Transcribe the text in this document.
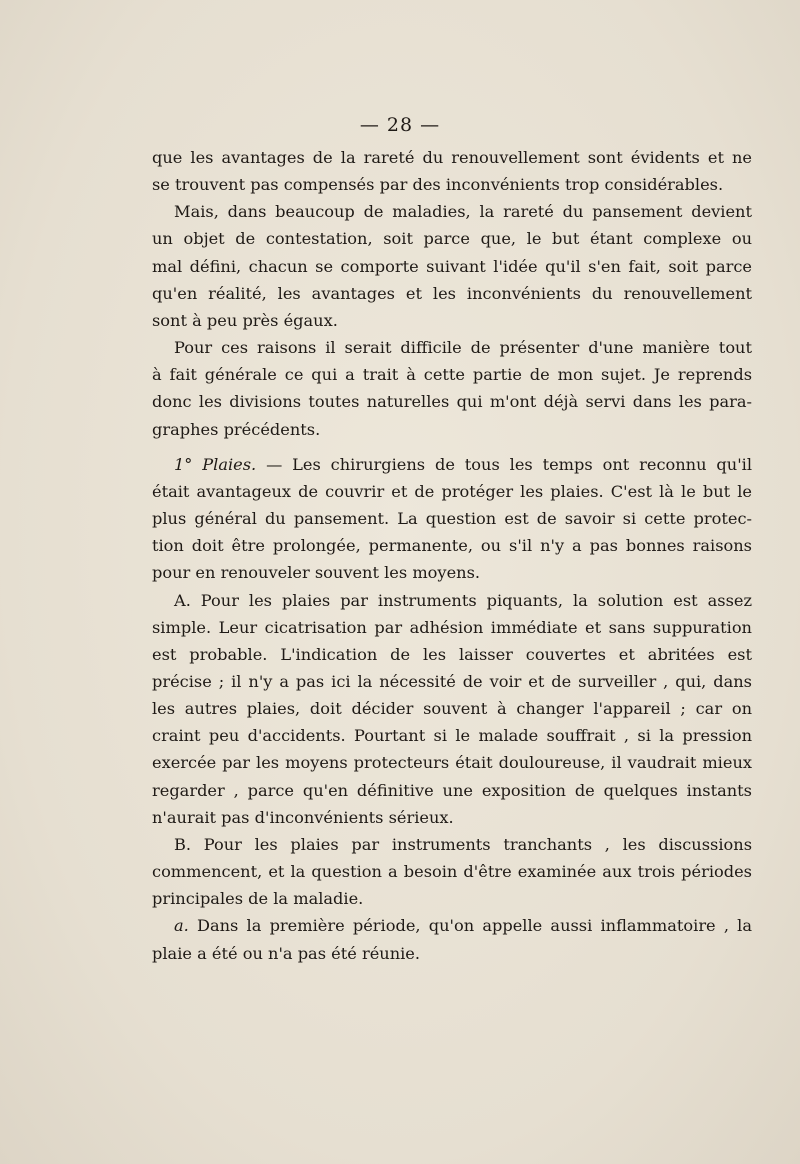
— 28 —

que les avantages de la rareté du renouvellement sont évidents et ne
se trouvent pas compensés par des inconvénients trop considérables.

Mais, dans beaucoup de maladies, la rareté du pansement devient
un objet de contestation, soit parce que, le but étant complexe ou
mal défini, chacun se comporte suivant l'idée qu'il s'en fait, soit parce
qu'en réalité, les avantages et les inconvénients du renouvellement
sont à peu près égaux.

Pour ces raisons il serait difficile de présenter d'une manière tout
à fait générale ce qui a trait à cette partie de mon sujet. Je reprends
donc les divisions toutes naturelles qui m'ont déjà servi dans les para-
graphes précédents.

1° Plaies. — Les chirurgiens de tous les temps ont reconnu qu'il
était avantageux de couvrir et de protéger les plaies. C'est là le but le
plus général du pansement. La question est de savoir si cette protec-
tion doit être prolongée, permanente, ou s'il n'y a pas bonnes raisons
pour en renouveler souvent les moyens.

A. Pour les plaies par instruments piquants, la solution est assez
simple. Leur cicatrisation par adhésion immédiate et sans suppuration
est probable. L'indication de les laisser couvertes et abritées est
précise ; il n'y a pas ici la nécessité de voir et de surveiller , qui, dans
les autres plaies, doit décider souvent à changer l'appareil ; car on
craint peu d'accidents. Pourtant si le malade souffrait , si la pression
exercée par les moyens protecteurs était douloureuse, il vaudrait mieux
regarder , parce qu'en définitive une exposition de quelques instants
n'aurait pas d'inconvénients sérieux.

B. Pour les plaies par instruments tranchants , les discussions
commencent, et la question a besoin d'être examinée aux trois périodes
principales de la maladie.

a. Dans la première période, qu'on appelle aussi inflammatoire , la
plaie a été ou n'a pas été réunie.
